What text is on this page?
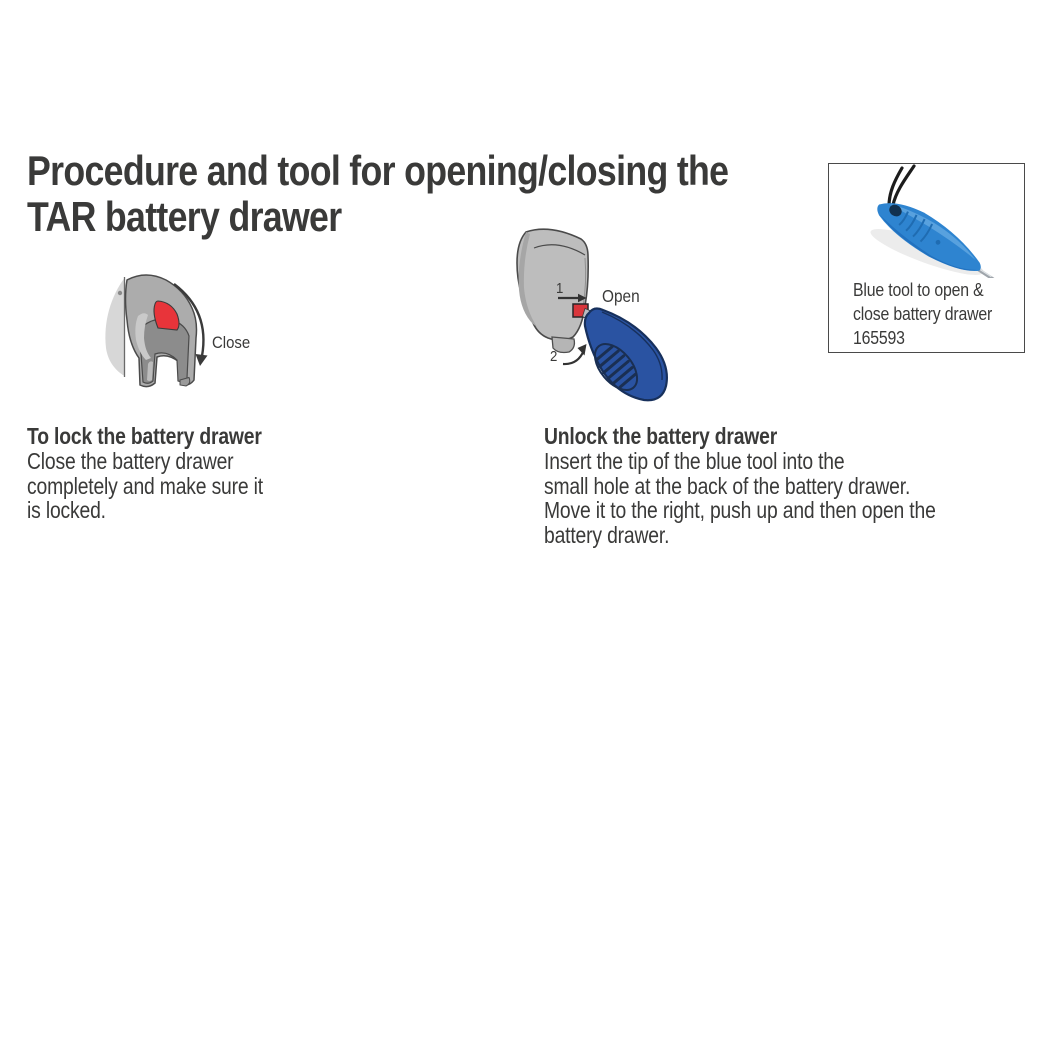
Procedure and tool for opening/closing the
TAR battery drawer
Close
1 Open
2
Blue tool to open &
close battery drawer
165593
To lock the battery drawer
Close the battery drawer
completely and make sure it
is locked.
Unlock the battery drawer
Insert the tip of the blue tool into the
small hole at the back of the battery drawer.
Move it to the right, push up and then open the
battery drawer.
